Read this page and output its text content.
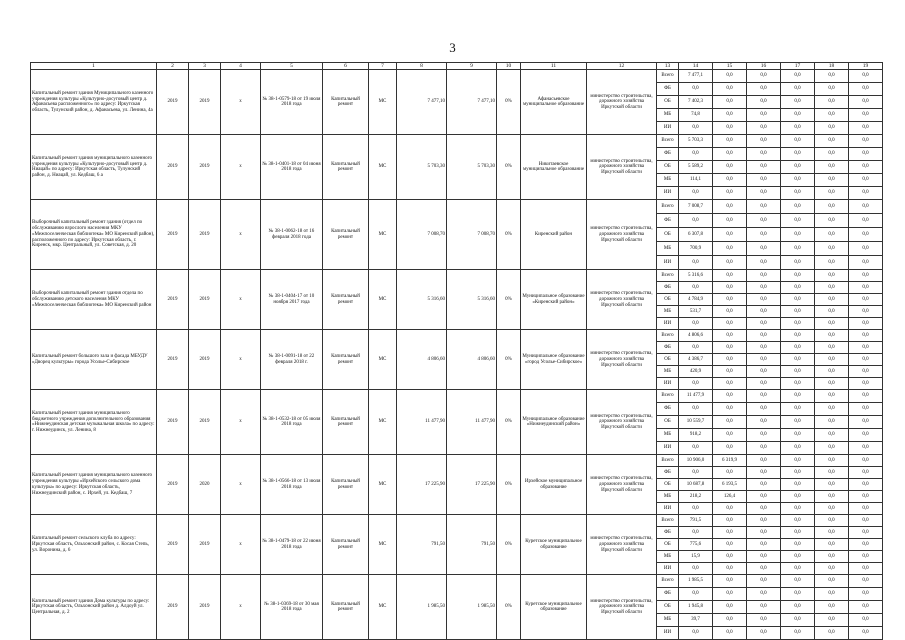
3
1	2	3	4	5	6	7	8	9	10	11	12	13	14	15	16	17	18	19
Капитальный ремонт здания Муниципального казенного учреждения культуры «Культурно-досуговый центр д. Афанасьева распложенного» по адресу: Иркутская область, Тулунский район, д. Афанасьева, ул. Ленина, 4а	2019	2019	х	№ 38-1-0579-18 от 19 июля 2018 года	Капитальный ремонт	МС	7 477,10	7 477,10	0%	Афанасьевское муниципальное образование	министерство строительства, дорожного хозяйства Иркутской области	Всего	7 477,1	0,0	0,0	0,0	0,0	0,0
												ФБ	0,0	0,0	0,0	0,0	0,0	0,0
												ОБ	7 402,3	0,0	0,0	0,0	0,0	0,0
												МБ	74,8	0,0	0,0	0,0	0,0	0,0
												ИИ	0,0	0,0	0,0	0,0	0,0	0,0
Капитальный ремонт здания муниципального казенного учреждения культуры «Культурно-досуговый центр д. Ниацай» по адресу: Иркутская область, Тулунский район, д. Ниацай, ул. Кедбаш, 6 а	2019	2019	х	№ 38-1-0401-18 от 04 июня 2018 года	Капитальный ремонт	МС	5 703,30	5 703,30	0%	Никитаевское муниципальное образование	министерство строительства, дорожного хозяйства Иркутской области	Всего	5 703,3	0,0	0,0	0,0	0,0	0,0
												ФБ	0,0	0,0	0,0	0,0	0,0	0,0
												ОБ	5 589,2	0,0	0,0	0,0	0,0	0,0
												МБ	114,1	0,0	0,0	0,0	0,0	0,0
												ИИ	0,0	0,0	0,0	0,0	0,0	0,0
Выборочный капитальный ремонт здания (отдел по обслуживанию взрослого населения МКУ «Межпоселенческая библиотека» МО Киренский район), расположенного по адресу: Иркутская область, г. Киренск, мкр. Центральный, ул. Советская, д. 20	2019	2019	х	№ 38-1-0062-18 от 16 февраля 2018 года	Капитальный ремонт	МС	7 008,70	7 008,70	0%	Киренский район	министерство строительства, дорожного хозяйства Иркутской области	Всего	7 008,7	0,0	0,0	0,0	0,0	0,0
												ФБ	0,0	0,0	0,0	0,0	0,0	0,0
												ОБ	6 307,8	0,0	0,0	0,0	0,0	0,0
												МБ	700,9	0,0	0,0	0,0	0,0	0,0
												ИИ	0,0	0,0	0,0	0,0	0,0	0,0
Выборочный капитальный ремонт здания отдела по обслуживанию детского населения МКУ «Межпоселенческая библиотека» МО Киренский район	2019	2019	х	№ 38-1-0404-17 от 10 ноября 2017 года	Капитальный ремонт	МС	5 316,60	5 316,60	0%	Муниципальное образование «Киренский район»	министерство строительства, дорожного хозяйства Иркутской области	Всего	5 316,6	0,0	0,0	0,0	0,0	0,0
												ФБ	0,0	0,0	0,0	0,0	0,0	0,0
												ОБ	4 784,9	0,0	0,0	0,0	0,0	0,0
												МБ	531,7	0,0	0,0	0,0	0,0	0,0
												ИИ	0,0	0,0	0,0	0,0	0,0	0,0
Капитальный ремонт большого зала и фасада МБУДУ «Дворец культуры» города Усолье-Сибирское	2019	2019	х	№ 38-1-0091-18 от 22 февраля 2018 г.	Капитальный ремонт	МС	4 806,60	4 806,60	0%	Муниципальное образование «город Усолье-Сибирское»	министерство строительства, дорожного хозяйства Иркутской области	Всего	4 806,6	0,0	0,0	0,0	0,0	0,0
												ФБ	0,0	0,0	0,0	0,0	0,0	0,0
												ОБ	4 386,7	0,0	0,0	0,0	0,0	0,0
												МБ	420,9	0,0	0,0	0,0	0,0	0,0
												ИИ	0,0	0,0	0,0	0,0	0,0	0,0
Капитальный ремонт здания муниципального бюджетного учреждения дополнительного образования «Нижнеудинская детская музыкальная школа» по адресу: г. Нижнеудинск, ул. Ленина, 8	2019	2019	х	№ 38-1-0532-18 от 05 июля 2018 года	Капитальный ремонт	МС	11 477,90	11 477,90	0%	Муниципальное образование «Нижнеудинский район»	министерство строительства, дорожного хозяйства Иркутской области	Всего	11 477,9	0,0	0,0	0,0	0,0	0,0
												ФБ	0,0	0,0	0,0	0,0	0,0	0,0
												ОБ	10 559,7	0,0	0,0	0,0	0,0	0,0
												МБ	918,2	0,0	0,0	0,0	0,0	0,0
												ИИ	0,0	0,0	0,0	0,0	0,0	0,0
Капитальный ремонт здания муниципального казенного учреждения культуры «Ирхейского сельского дома культуры» по адресу: Иркутская область, Нижнеудинский район, с. Ирхей, ул. Кедбаш, 7	2019	2020	х	№ 38-1-0566-18 от 13 июля 2018 года	Капитальный ремонт	МС	17 225,90	17 225,90	0%	Ирхейское муниципальное образование	министерство строительства, дорожного хозяйства Иркутской области	Всего	10 906,0	6 319,9	0,0	0,0	0,0	0,0
												ФБ	0,0	0,0	0,0	0,0	0,0	0,0
												ОБ	10 687,8	6 193,5	0,0	0,0	0,0	0,0
												МБ	218,2	126,4	0,0	0,0	0,0	0,0
												ИИ	0,0	0,0	0,0	0,0	0,0	0,0
Капитальный ремонт сельского клуба по адресу: Иркутская область, Ольхонский район, с. Косая Степь, ул. Воронина, д. 6	2019	2019	х	№ 38-1-0479-18 от 22 июня 2018 года	Капитальный ремонт	МС	791,50	791,50	0%	Куретское муниципальное образование	министерство строительства, дорожного хозяйства Иркутской области	Всего	791,5	0,0	0,0	0,0	0,0	0,0
												ФБ	0,0	0,0	0,0	0,0	0,0	0,0
												ОБ	775,6	0,0	0,0	0,0	0,0	0,0
												МБ	15,9	0,0	0,0	0,0	0,0	0,0
												ИИ	0,0	0,0	0,0	0,0	0,0	0,0
Капитальный ремонт здания Дома культуры по адресу: Иркутская область, Ольхонский район д. Алдоуй ул. Центральная, д. 2	2019	2019	х	№ 38-1-0369-18 от 30 мая 2018 года	Капитальный ремонт	МС	1 985,50	1 985,50	0%	Куретское муниципальное образование	министерство строительства, дорожного хозяйства Иркутской области	Всего	1 985,5	0,0	0,0	0,0	0,0	0,0
												ФБ	0,0	0,0	0,0	0,0	0,0	0,0
												ОБ	1 945,8	0,0	0,0	0,0	0,0	0,0
												МБ	39,7	0,0	0,0	0,0	0,0	0,0
												ИИ	0,0	0,0	0,0	0,0	0,0	0,0
